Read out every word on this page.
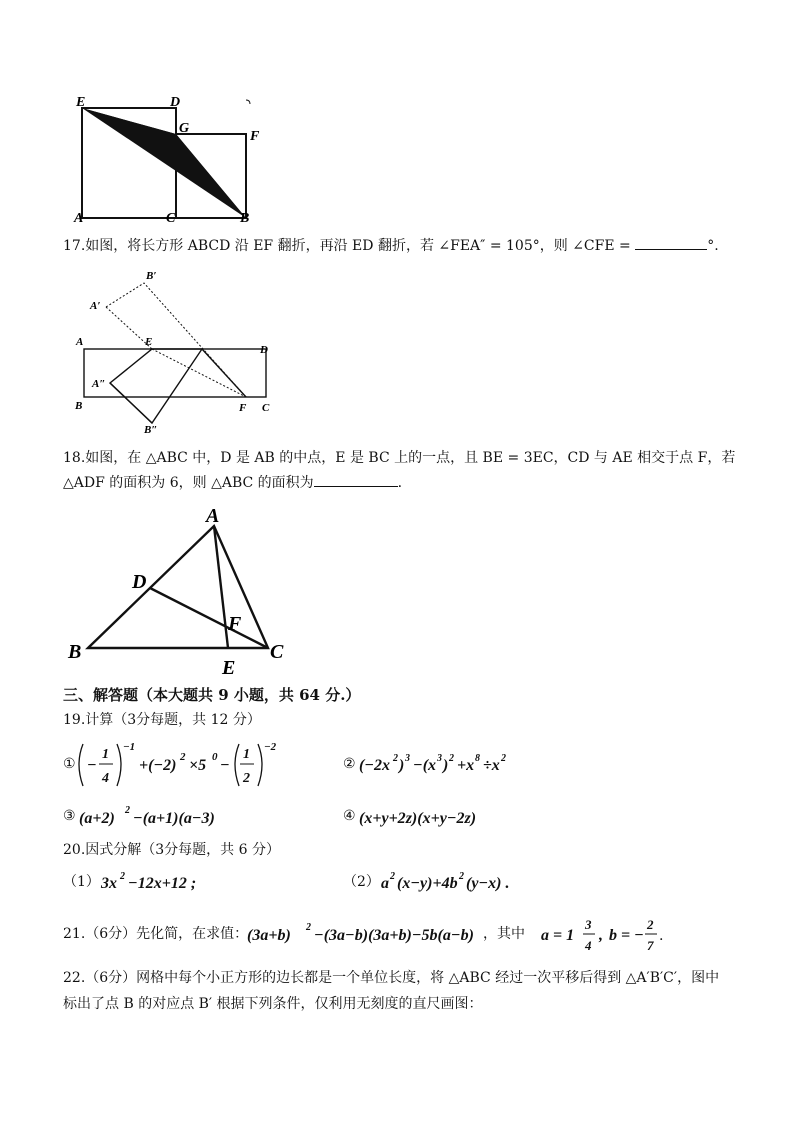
E	D
G
F
A	C	B
17.如图，将长方形 ABCD 沿 EF 翻折，再沿 ED 翻折，若 ∠FEA″ = 105°，则 ∠CFE =	°.
B′
A′
A	E
D
A″
B	F C
B″
18.如图，在 △ABC 中，D 是 AB 的中点，E 是 BC 上的一点，且 BE = 3EC，CD 与 AE 相交于点 F，若
△ADF 的面积为 6，则 △ABC 的面积为	.
A
D
F
B
E
C
三、解答题（本大题共 9 小题，共 64 分.）
19.计算（3分每题，共 12 分）
① −
1
4
−1
+(−2) 2 ×5 0 −
1
2
−2
② (−2x 2 ) 3 −(x 3 ) 2 +x 8 ÷x 2
③ (a+2) 2 −(a+1)(a−3)	④ (x+y+2z)(x+y−2z)
20.因式分解（3分每题，共 6 分）
（1） 3x 2 −12x+12 ;	（2） a 2 (x−y)+4b 2 (y−x) .
21.（6分）先化简，在求值：
(3a+b) 2 −(3a−b)(3a+b)−5b(a−b) ，其中 a = 1
3
4
, b = −
2
7
.
22.（6分）网格中每个小正方形的边长都是一个单位长度，将 △ABC 经过一次平移后得到 △A′B′C′，图中
标出了点 B 的对应点 B′ 根据下列条件，仅利用无刻度的直尺画图：
